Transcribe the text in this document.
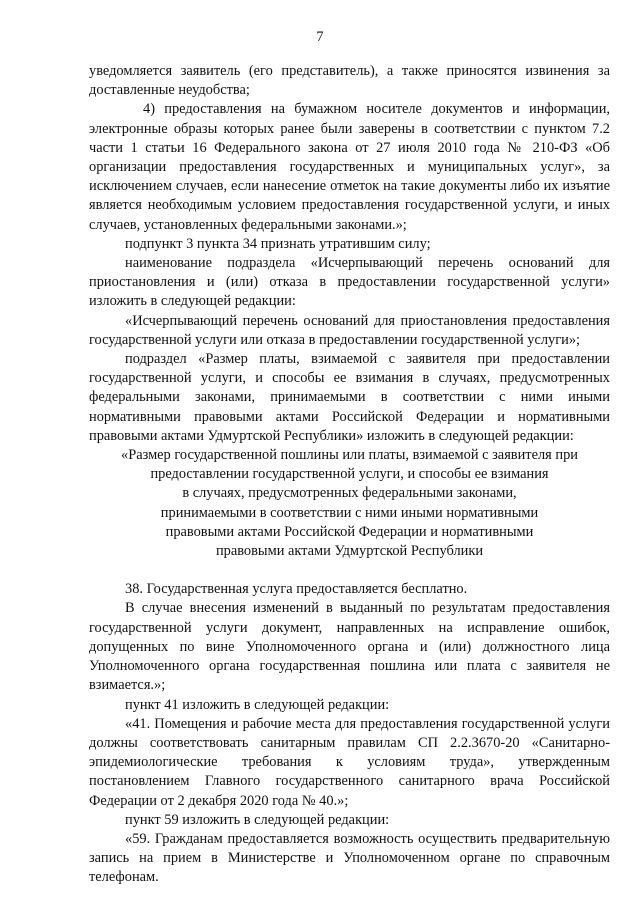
7

уведомляется заявитель (его представитель), а также приносятся извинения за доставленные неудобства;

4) предоставления на бумажном носителе документов и информации, электронные образы которых ранее были заверены в соответствии с пунктом 7.2 части 1 статьи 16 Федерального закона от 27 июля 2010 года № 210-ФЗ «Об организации предоставления государственных и муниципальных услуг», за исключением случаев, если нанесение отметок на такие документы либо их изъятие является необходимым условием предоставления государственной услуги, и иных случаев, установленных федеральными законами.»;

подпункт 3 пункта 34 признать утратившим силу;

наименование подраздела «Исчерпывающий перечень оснований для приостановления и (или) отказа в предоставлении государственной услуги» изложить в следующей редакции:

«Исчерпывающий перечень оснований для приостановления предоставления государственной услуги или отказа в предоставлении государственной услуги»;

подраздел «Размер платы, взимаемой с заявителя при предоставлении государственной услуги, и способы ее взимания в случаях, предусмотренных федеральными законами, принимаемыми в соответствии с ними иными нормативными правовыми актами Российской Федерации и нормативными правовыми актами Удмуртской Республики» изложить в следующей редакции:

«Размер государственной пошлины или платы, взимаемой с заявителя при

предоставлении государственной услуги, и способы ее взимания

в случаях, предусмотренных федеральными законами,

принимаемыми в соответствии с ними иными нормативными

правовыми актами Российской Федерации и нормативными

правовыми актами Удмуртской Республики

38. Государственная услуга предоставляется бесплатно.

В случае внесения изменений в выданный по результатам предоставления государственной услуги документ, направленных на исправление ошибок, допущенных по вине Уполномоченного органа и (или) должностного лица Уполномоченного органа государственная пошлина или плата с заявителя не взимается.»;

пункт 41 изложить в следующей редакции:

«41. Помещения и рабочие места для предоставления государственной услуги должны соответствовать санитарным правилам СП 2.2.3670-20 «Санитарно-эпидемиологические требования к условиям труда», утвержденным постановлением Главного государственного санитарного врача Российской Федерации от 2 декабря 2020 года № 40.»;

пункт 59 изложить в следующей редакции:

«59. Гражданам предоставляется возможность осуществить предварительную запись на прием в Министерстве и Уполномоченном органе по справочным телефонам.
